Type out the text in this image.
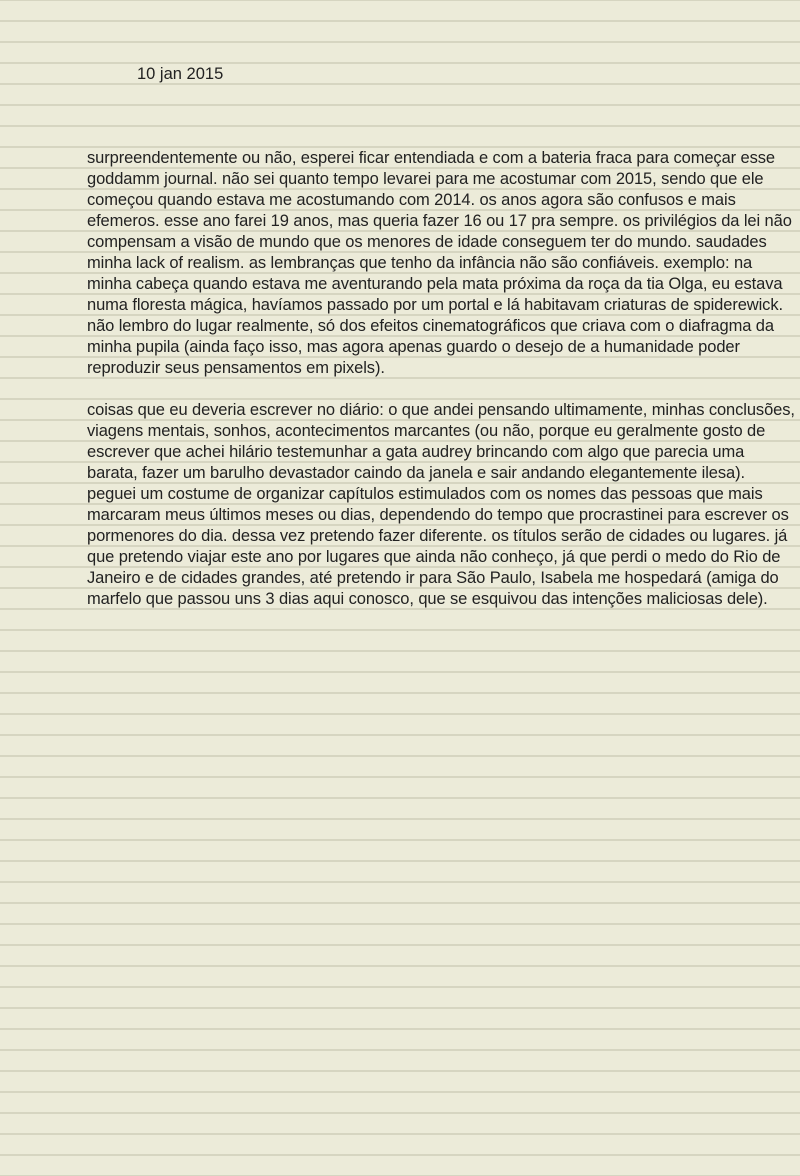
10 jan 2015

surpreendentemente ou não, esperei ficar entendiada e com a bateria fraca para começar esse goddamm journal. não sei quanto tempo levarei para me acostumar com 2015, sendo que ele começou quando estava me acostumando com 2014. os anos agora são confusos e mais efemeros. esse ano farei 19 anos, mas queria fazer 16 ou 17 pra sempre. os privilégios da lei não compensam a visão de mundo que os menores de idade conseguem ter do mundo. saudades minha lack of realism. as lembranças que tenho da infância não são confiáveis. exemplo: na minha cabeça quando estava me aventurando pela mata próxima da roça da tia Olga, eu estava numa floresta mágica, havíamos passado por um portal e lá habitavam criaturas de spiderewick. não lembro do lugar realmente, só dos efeitos cinematográficos que criava com o diafragma da minha pupila (ainda faço isso, mas agora apenas guardo o desejo de a humanidade poder reproduzir seus pensamentos em pixels).

coisas que eu deveria escrever no diário: o que andei pensando ultimamente, minhas conclusões, viagens mentais, sonhos, acontecimentos marcantes (ou não, porque eu geralmente gosto de escrever que achei hilário testemunhar a gata audrey brincando com algo que parecia uma barata, fazer um barulho devastador caindo da janela e sair andando elegantemente ilesa). peguei um costume de organizar capítulos estimulados com os nomes das pessoas que mais marcaram meus últimos meses ou dias, dependendo do tempo que procrastinei para escrever os pormenores do dia. dessa vez pretendo fazer diferente. os títulos serão de cidades ou lugares. já que pretendo viajar este ano por lugares que ainda não conheço, já que perdi o medo do Rio de Janeiro e de cidades grandes, até pretendo ir para São Paulo, Isabela me hospedará (amiga do marfelo que passou uns 3 dias aqui conosco, que se esquivou das intenções maliciosas dele).
